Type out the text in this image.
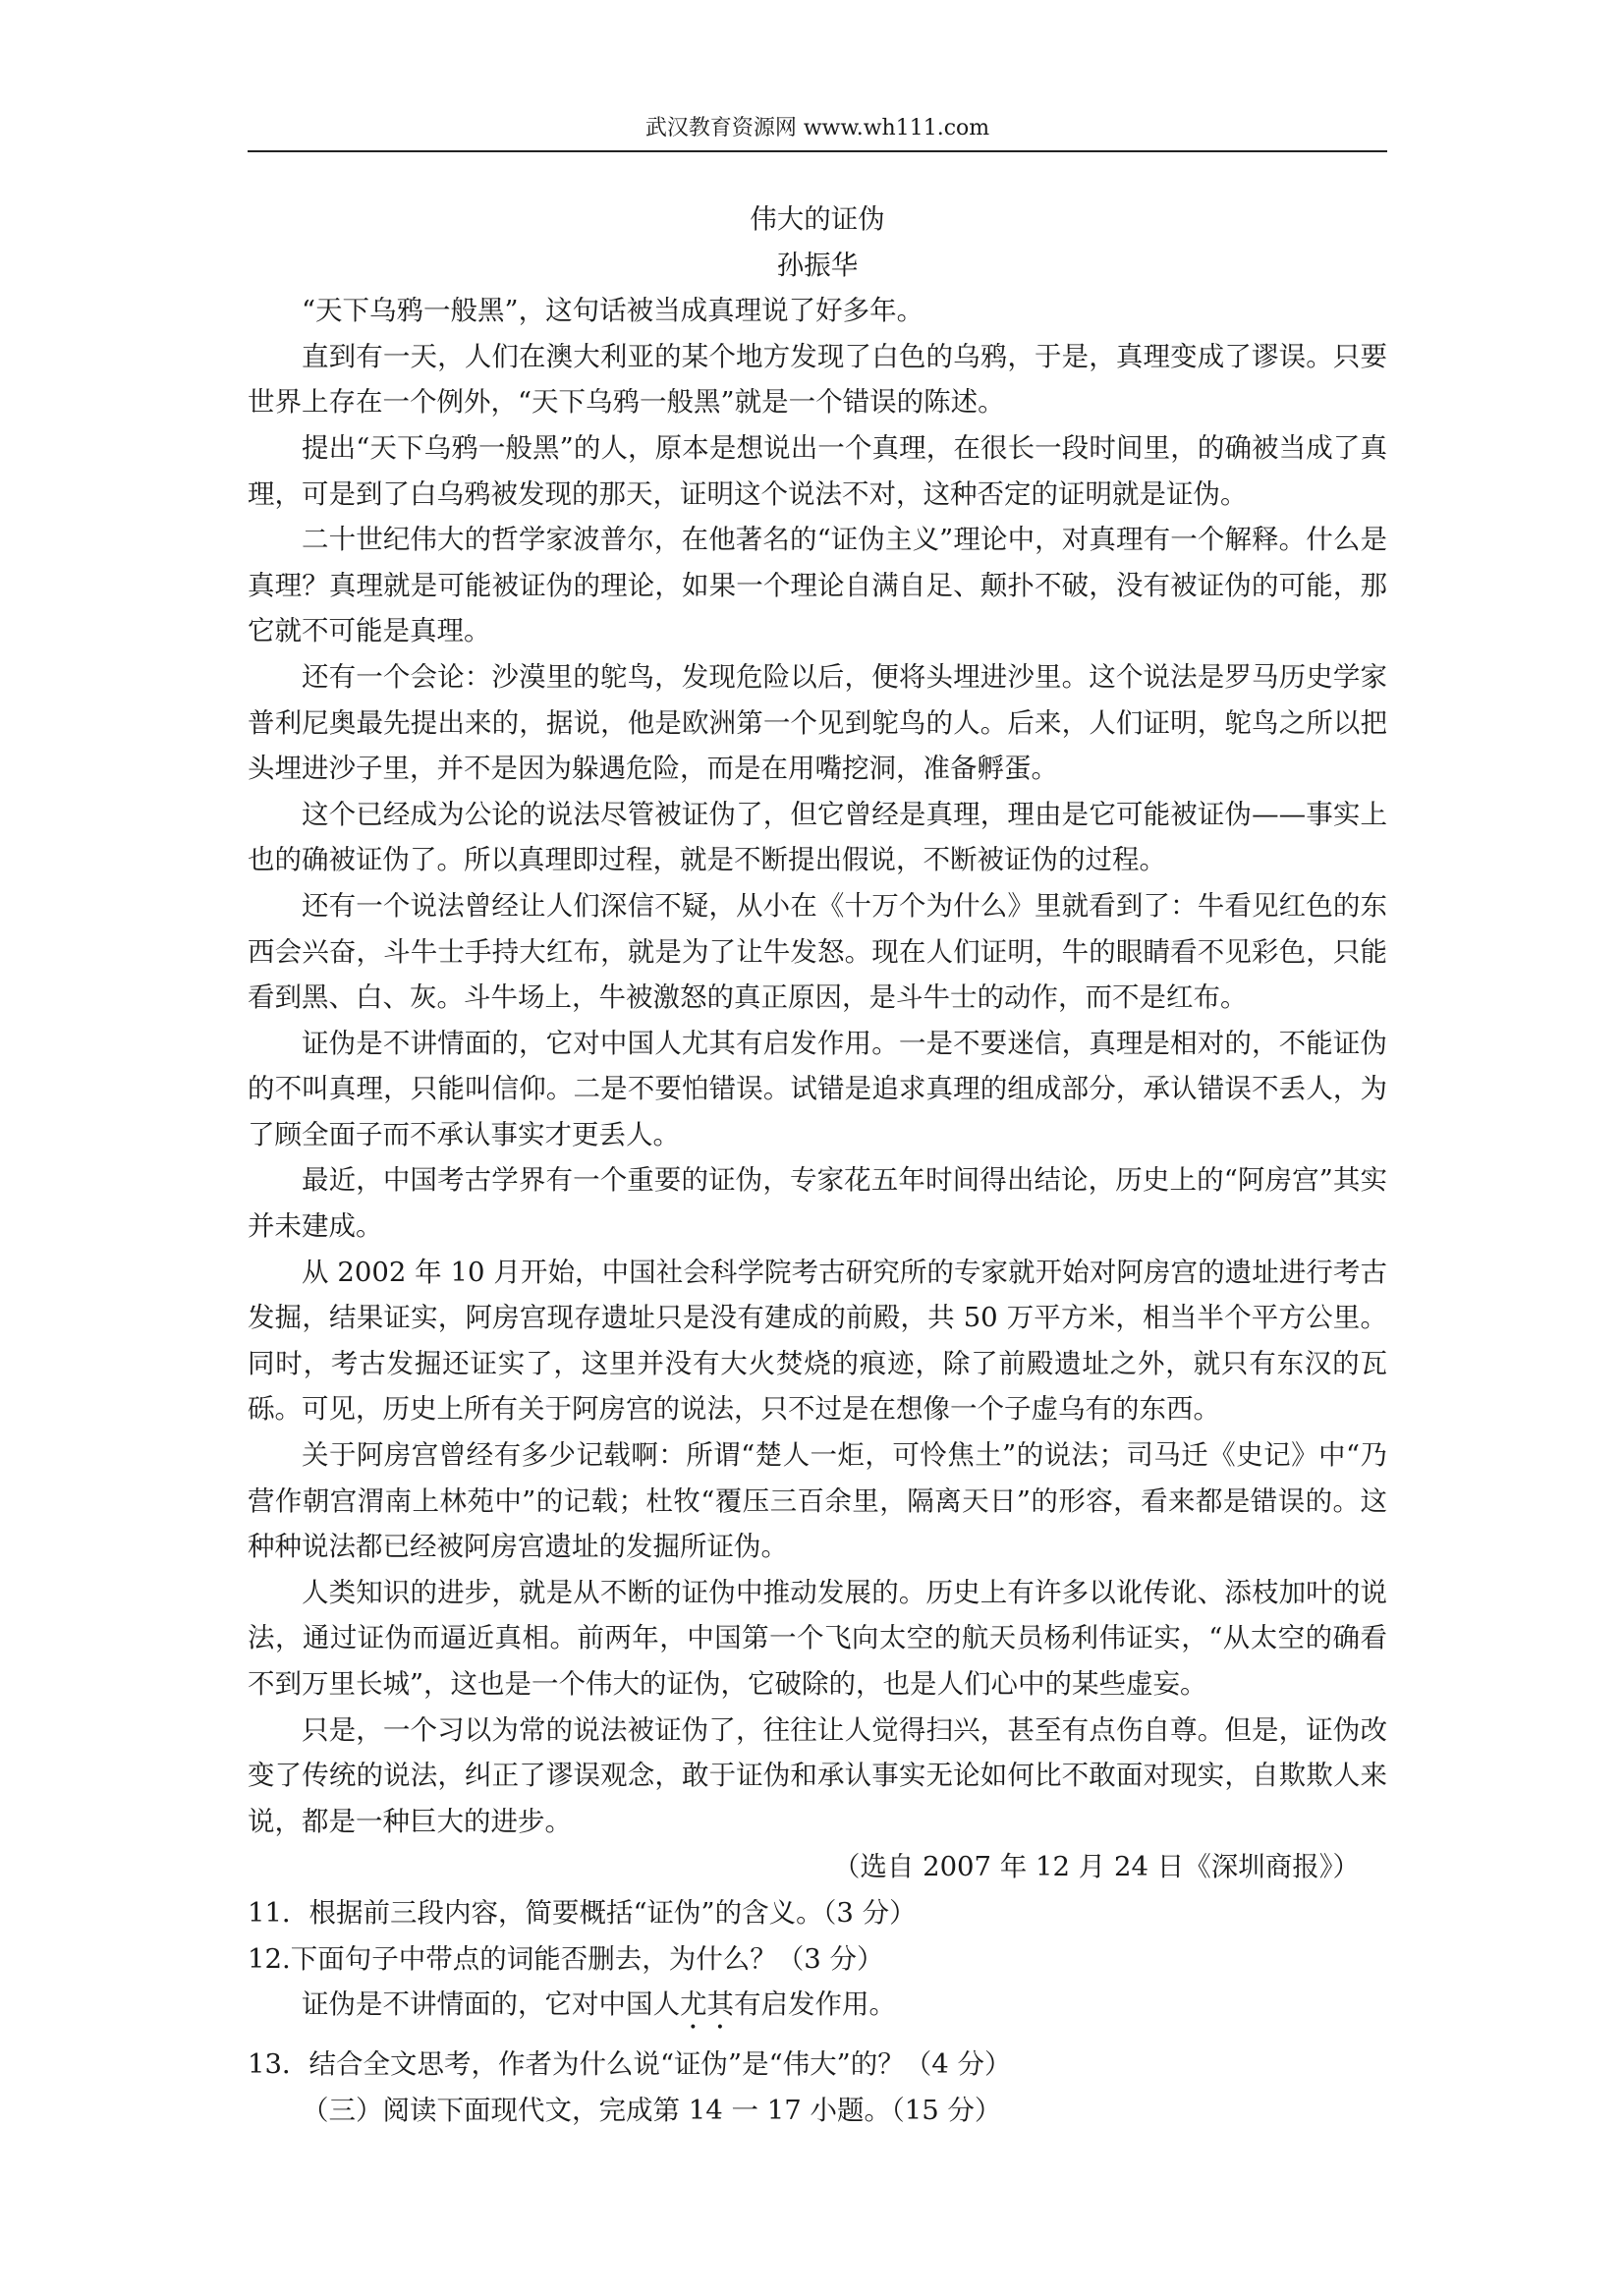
武汉教育资源网 www.wh111.com

伟大的证伪

孙振华

“天下乌鸦一般黑”，这句话被当成真理说了好多年。

直到有一天，人们在澳大利亚的某个地方发现了白色的乌鸦，于是，真理变成了谬误。只要世界上存在一个例外，“天下乌鸦一般黑”就是一个错误的陈述。

提出“天下乌鸦一般黑”的人，原本是想说出一个真理，在很长一段时间里，的确被当成了真理，可是到了白乌鸦被发现的那天，证明这个说法不对，这种否定的证明就是证伪。

二十世纪伟大的哲学家波普尔，在他著名的“证伪主义”理论中，对真理有一个解释。什么是真理？真理就是可能被证伪的理论，如果一个理论自满自足、颠扑不破，没有被证伪的可能，那它就不可能是真理。

还有一个会论：沙漠里的鸵鸟，发现危险以后，便将头埋进沙里。这个说法是罗马历史学家普利尼奥最先提出来的，据说，他是欧洲第一个见到鸵鸟的人。后来，人们证明，鸵鸟之所以把头埋进沙子里，并不是因为躲遇危险，而是在用嘴挖洞，准备孵蛋。

这个已经成为公论的说法尽管被证伪了，但它曾经是真理，理由是它可能被证伪——事实上也的确被证伪了。所以真理即过程，就是不断提出假说，不断被证伪的过程。

还有一个说法曾经让人们深信不疑，从小在《十万个为什么》里就看到了：牛看见红色的东西会兴奋，斗牛士手持大红布，就是为了让牛发怒。现在人们证明，牛的眼睛看不见彩色，只能看到黑、白、灰。斗牛场上，牛被激怒的真正原因，是斗牛士的动作，而不是红布。

证伪是不讲情面的，它对中国人尤其有启发作用。一是不要迷信，真理是相对的，不能证伪的不叫真理，只能叫信仰。二是不要怕错误。试错是追求真理的组成部分，承认错误不丢人，为了顾全面子而不承认事实才更丢人。

最近，中国考古学界有一个重要的证伪，专家花五年时间得出结论，历史上的“阿房宫”其实并未建成。

从 2002 年 10 月开始，中国社会科学院考古研究所的专家就开始对阿房宫的遗址进行考古发掘，结果证实，阿房宫现存遗址只是没有建成的前殿，共 50 万平方米，相当半个平方公里。同时，考古发掘还证实了，这里并没有大火焚烧的痕迹，除了前殿遗址之外，就只有东汉的瓦砾。可见，历史上所有关于阿房宫的说法，只不过是在想像一个子虚乌有的东西。

关于阿房宫曾经有多少记载啊：所谓“楚人一炬，可怜焦土”的说法；司马迁《史记》中“乃营作朝宫渭南上林苑中”的记载；杜牧“覆压三百余里，隔离天日”的形容，看来都是错误的。这种种说法都已经被阿房宫遗址的发掘所证伪。

人类知识的进步，就是从不断的证伪中推动发展的。历史上有许多以讹传讹、添枝加叶的说法，通过证伪而逼近真相。前两年，中国第一个飞向太空的航天员杨利伟证实，“从太空的确看不到万里长城”，这也是一个伟大的证伪，它破除的，也是人们心中的某些虚妄。

只是，一个习以为常的说法被证伪了，往往让人觉得扫兴，甚至有点伤自尊。但是，证伪改变了传统的说法，纠正了谬误观念，敢于证伪和承认事实无论如何比不敢面对现实，自欺欺人来说，都是一种巨大的进步。

（选自 2007 年 12 月 24 日《深圳商报》）

11．根据前三段内容，简要概括“证伪”的含义。（3 分）

12.下面句子中带点的词能否删去，为什么？（3 分）

证伪是不讲情面的，它对中国人尤其有启发作用。

13．结合全文思考，作者为什么说“证伪”是“伟大”的？（4 分）

（三）阅读下面现代文，完成第 14 一 17 小题。（15 分）
